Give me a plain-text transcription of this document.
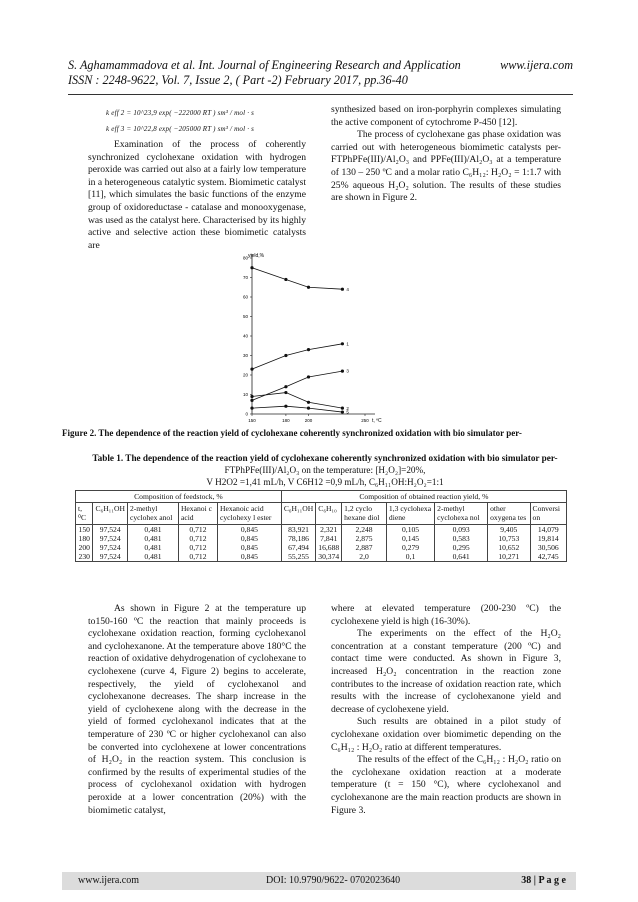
S. Aghamammadova et al. Int. Journal of Engineering Research and Application	www.ijera.com
ISSN : 2248-9622, Vol. 7, Issue 2, ( Part -2) February 2017, pp.36-40
k eff 2 = 10^23,9 exp( −222000 RT ) sm³ / mol · s
k eff 3 = 10^22,8 exp( −205000 RT ) sm³ / mol · s

Examination of the process of coherently synchronized cyclohexane oxidation with hydrogen peroxide was carried out also at a fairly low temperature in a heterogeneous catalytic system. Biomimetic catalyst [11], which simulates the basic functions of the enzyme group of oxidoreductase - catalase and monooxygenase, was used as the catalyst here. Characterised by its highly active and selective action these biomimetic catalysts are

synthesized based on iron-porphyrin complexes simulating the active component of cytochrome P-450 [12].

The process of cyclohexane gas phase oxidation was carried out with heterogeneous biomimetic catalysts per-FTPhPFe(III)/Al₂O₃ and PPFe(III)/Al₂O₃ at a temperature of 130 – 250 ºC and a molar ratio C₆H₁₂: H₂O₂ = 1:1.7 with 25% aqueous H₂O₂ solution. The results of these studies are shown in Figure 2.

yield,%
t, ºC
0
10
20
30
40
50
60
70
80
150	180	200	250
4
1
3
2
5
Figure 2. The dependence of the reaction yield of cyclohexane coherently synchronized oxidation with bio simulator per-
Table 1. The dependence of the reaction yield of cyclohexane coherently synchronized oxidation with bio simulator per-
FTPhPFe(III)/Al₂O₃ on the temperature: [H₂O₂]=20%,
V H2O2 =1,41 mL/h, V C6H12 =0,9 mL/h, C₆H₁₁OH:H₂O₂=1:1
Composition of feedstock, %					Composition of obtained reaction yield, %						
t, ⁰C	C₆H₁₁OH	2-methyl cyclohex anol	Hexanoi c acid	Hexanoic acid cyclohexy l ester	C₆H₁₁OH	C₆H₁₀	1,2 cyclo hexane diol	1,3 cyclohexa diene	2-methyl cyclohexa nol	other oxygena tes	Conversi on
150	97,524	0,481	0,712	0,845	83,921	2,321	2,248	0,105	0,093	9,405	14,079
180	97,524	0,481	0,712	0,845	78,186	7,841	2,875	0,145	0,583	10,753	19,814
200	97,524	0,481	0,712	0,845	67,494	16,688	2,887	0,279	0,295	10,652	30,506
230	97,524	0,481	0,712	0,845	55,255	30,374	2,0	0,1	0,641	10,271	42,745

As shown in Figure 2 at the temperature up to150-160 ºC the reaction that mainly proceeds is cyclohexane oxidation reaction, forming cyclohexanol and cyclohexanone. At the temperature above 180°C the reaction of oxidative dehydrogenation of cyclohexane to cyclohexene (curve 4, Figure 2) begins to accelerate, respectively, the yield of cyclohexanol and cyclohexanone decreases. The sharp increase in the yield of cyclohexene along with the decrease in the yield of formed cyclohexanol indicates that at the temperature of 230 ºC or higher cyclohexanol can also be converted into cyclohexene at lower concentrations of H₂O₂ in the reaction system. This conclusion is confirmed by the results of experimental studies of the process of cyclohexanol oxidation with hydrogen peroxide at a lower concentration (20%) with the biomimetic catalyst,

where at elevated temperature (200-230 ºC) the cyclohexene yield is high (16-30%).

The experiments on the effect of the H₂O₂ concentration at a constant temperature (200 ºC) and contact time were conducted. As shown in Figure 3, increased H₂O₂ concentration in the reaction zone contributes to the increase of oxidation reaction rate, which results with the increase of cyclohexanone yield and decrease of cyclohexene yield.

Such results are obtained in a pilot study of cyclohexane oxidation over biomimetic depending on the C₆H₁₂ : H₂O₂ ratio at different temperatures.

The results of the effect of the C₆H₁₂ : H₂O₂ ratio on the cyclohexane oxidation reaction at a moderate temperature (t = 150 °C), where cyclohexanol and cyclohexanone are the main reaction products are shown in Figure 3.

www.ijera.com	DOI: 10.9790/9622- 0702023640	38 | P a g e
